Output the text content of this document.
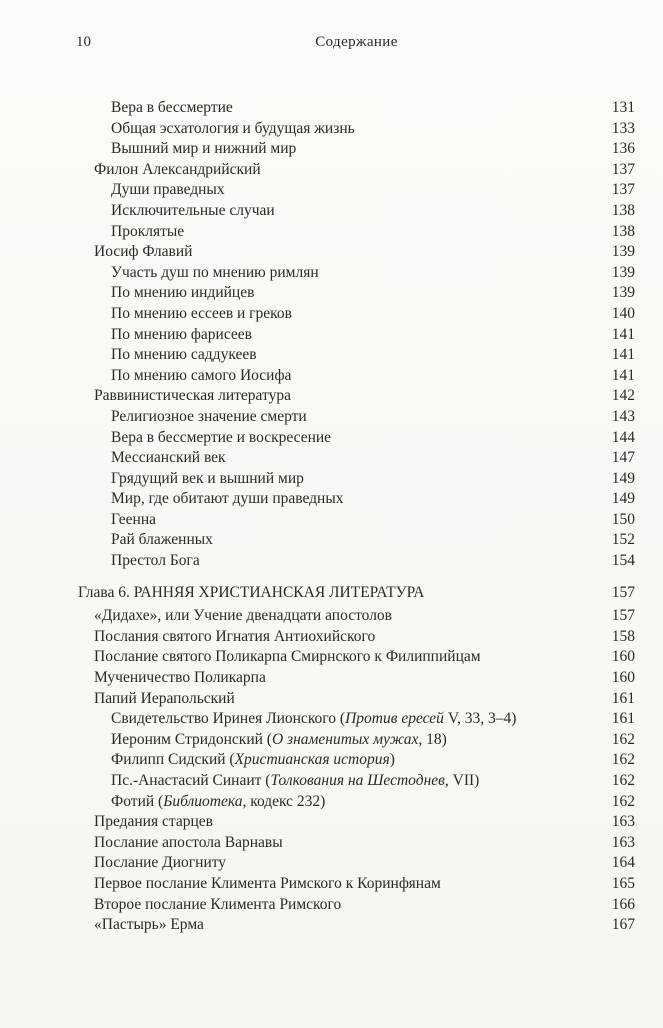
10	Содержание
Вера в бессмертие	131
Общая эсхатология и будущая жизнь	133
Вышний мир и нижний мир	136
Филон Александрийский	137
Души праведных	137
Исключительные случаи	138
Проклятые	138
Иосиф Флавий	139
Участь душ по мнению римлян	139
По мнению индийцев	139
По мнению ессеев и греков	140
По мнению фарисеев	141
По мнению саддукеев	141
По мнению самого Иосифа	141
Раввинистическая литература	142
Религиозное значение смерти	143
Вера в бессмертие и воскресение	144
Мессианский век	147
Грядущий век и вышний мир	149
Мир, где обитают души праведных	149
Геенна	150
Рай блаженных	152
Престол Бога	154
Глава 6. РАННЯЯ ХРИСТИАНСКАЯ ЛИТЕРАТУРА	157
«Дидахе», или Учение двенадцати апостолов	157
Послания святого Игнатия Антиохийского	158
Послание святого Поликарпа Смирнского к Филиппийцам	160
Мученичество Поликарпа	160
Папий Иерапольский	161
Свидетельство Иринея Лионского (Против ересей V, 33, 3–4)	161
Иероним Стридонский (О знаменитых мужах, 18)	162
Филипп Сидский (Христианская история)	162
Пс.-Анастасий Синаит (Толкования на Шестоднев, VII)	162
Фотий (Библиотека, кодекс 232)	162
Предания старцев	163
Послание апостола Варнавы	163
Послание Диогниту	164
Первое послание Климента Римского к Коринфянам	165
Второе послание Климента Римского	166
«Пастырь» Ерма	167
